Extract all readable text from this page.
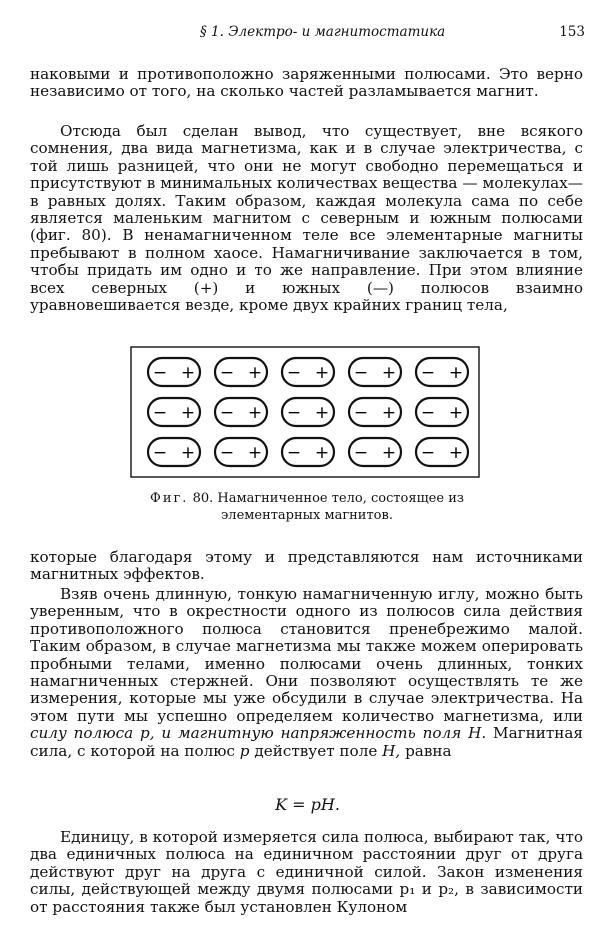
§ 1. Электро- и магнитостатика	153

наковыми и противоположно заряженными полюсами. Это верно независимо от того, на сколько частей разламывается магнит.

Отсюда был сделан вывод, что существует, вне всякого сомнения, два вида магнетизма, как и в случае электричества, с той лишь разницей, что они не могут свободно перемещаться и присутствуют в минимальных количествах вещества — молекулах— в равных долях. Таким образом, каждая молекула сама по себе является маленьким магнитом с северным и южным полюсами (фиг. 80). В ненамагниченном теле все элементарные магниты пребывают в полном хаосе. Намагничивание заключается в том, чтобы придать им одно и то же направление. При этом влияние всех северных (+) и южных (—) полюсов взаимно уравновешивается везде, кроме двух крайних границ тела,

− + − + − + − + − +
− + − + − + − + − +
− + − + − + − + − +
Фиг. 80. Намагниченное тело, состоящее из элементарных магнитов.

которые благодаря этому и представляются нам источниками магнитных эффектов.

Взяв очень длинную, тонкую намагниченную иглу, можно быть уверенным, что в окрестности одного из полюсов сила действия противоположного полюса становится пренебрежимо малой. Таким образом, в случае магнетизма мы также можем оперировать пробными телами, именно полюсами очень длинных, тонких намагниченных стержней. Они позволяют осуществлять те же измерения, которые мы уже обсудили в случае электричества. На этом пути мы успешно определяем количество магнетизма, или силу полюса p, и магнитную напряженность поля H. Магнитная сила, с которой на полюс p действует поле H, равна

K = pH.

Единицу, в которой измеряется сила полюса, выбирают так, что два единичных полюса на единичном расстоянии друг от друга действуют друг на друга с единичной силой. Закон изменения силы, действующей между двумя полюсами p₁ и p₂, в зависимости от расстояния также был установлен Кулоном
